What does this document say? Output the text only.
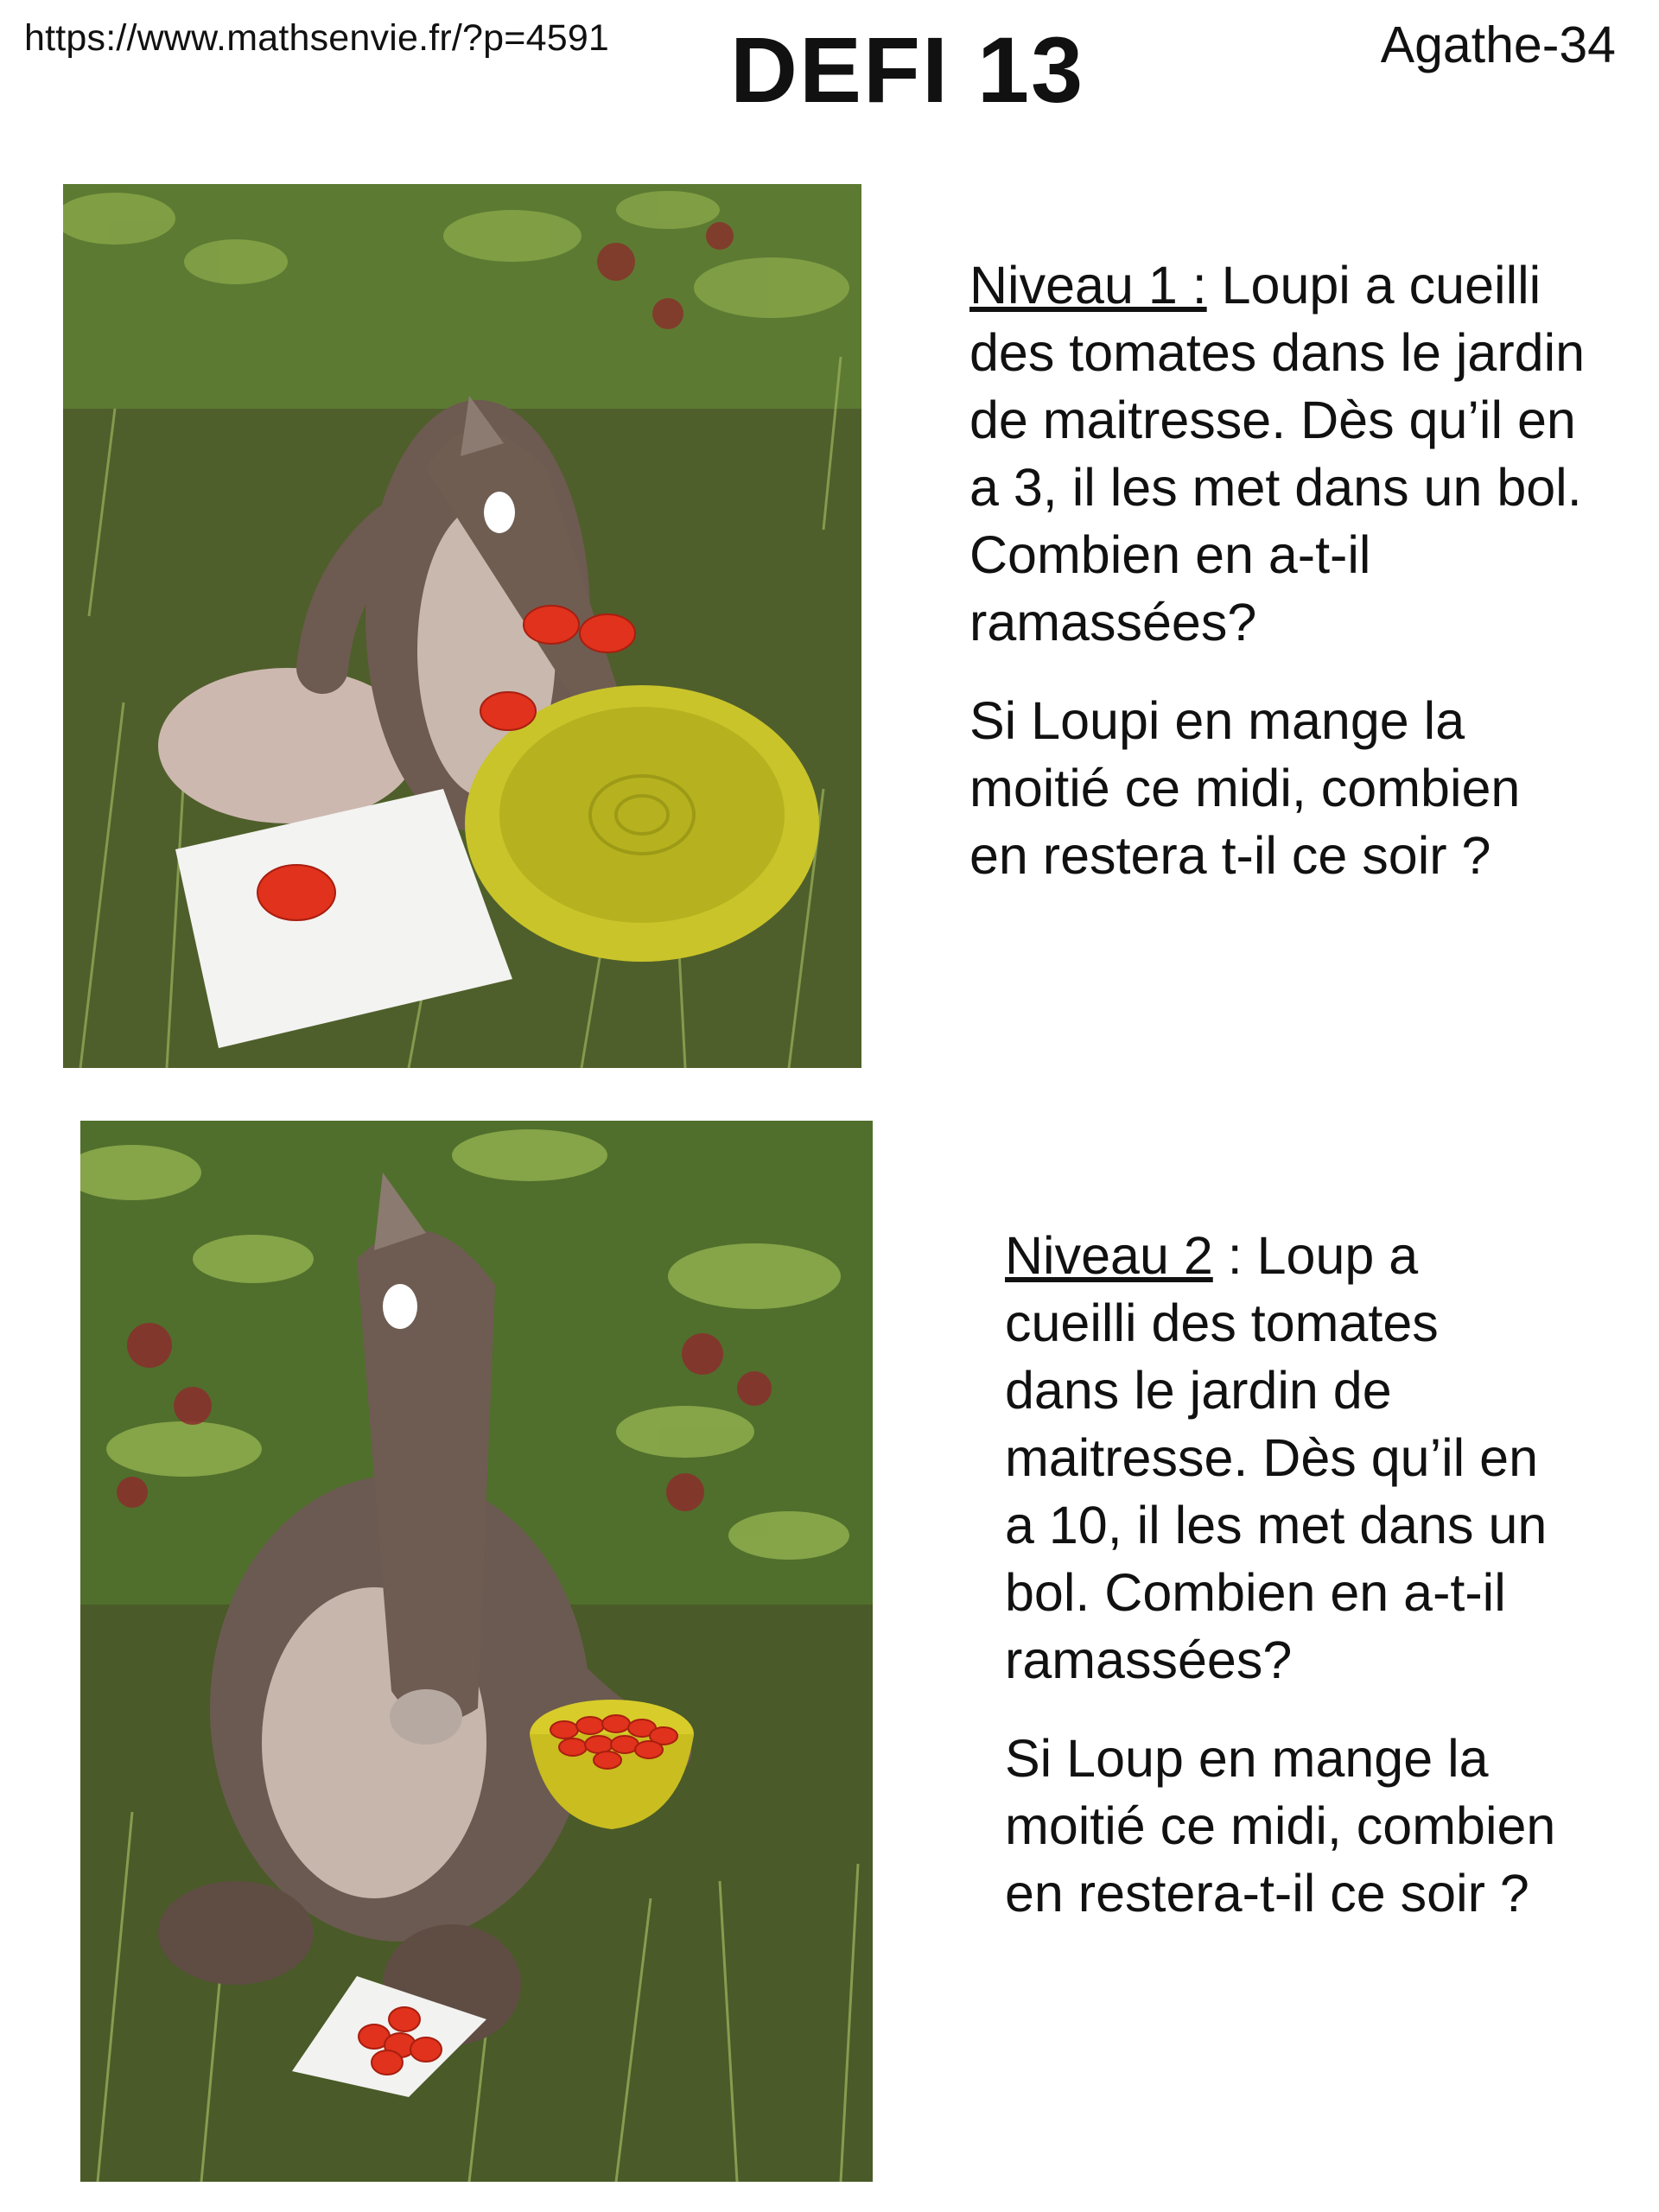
https://www.mathsenvie.fr/?p=4591 DEFI 13	Agathe-34

Niveau 1 : Loupi a cueilli des tomates dans le jardin de maitresse. Dès qu’il en a 3, il les met dans un bol. Combien en a-t-il ramassées?

Si Loupi en mange la moitié ce midi, combien en restera t-il ce soir ?

Niveau 2 : Loup a cueilli des tomates dans le jardin de maitresse. Dès qu’il en a 10, il les met dans un bol. Combien en a-t-il ramassées?

Si Loup en mange la moitié ce midi, combien en restera-t-il ce soir ?
